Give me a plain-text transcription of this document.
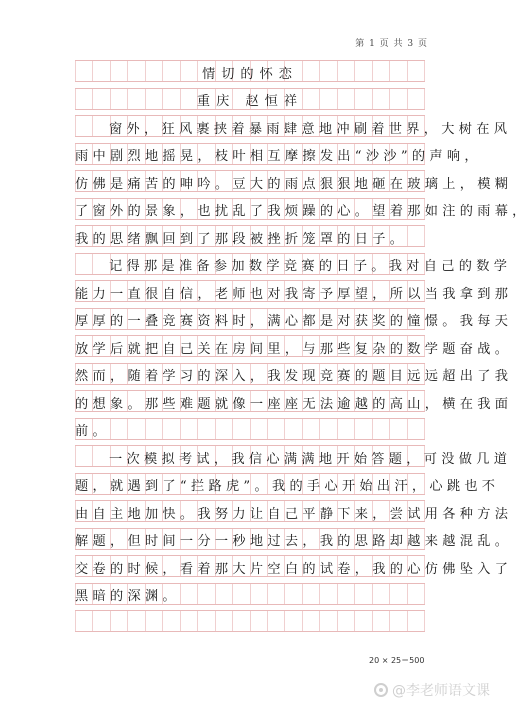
第 1 页 共 3 页
情切的怀恋
重庆 赵恒祥
窗外，狂风裹挟着暴雨肆意地冲刷着世界，大树在风
雨中剧烈地摇晃，枝叶相互摩擦发出“沙沙”的声响，
仿佛是痛苦的呻吟。豆大的雨点狠狠地砸在玻璃上，模糊
了窗外的景象，也扰乱了我烦躁的心。望着那如注的雨幕，
我的思绪飘回到了那段被挫折笼罩的日子。
记得那是准备参加数学竞赛的日子。我对自己的数学
能力一直很自信，老师也对我寄予厚望，所以当我拿到那
厚厚的一叠竞赛资料时，满心都是对获奖的憧憬。我每天
放学后就把自己关在房间里，与那些复杂的数学题奋战。
然而，随着学习的深入，我发现竞赛的题目远远超出了我
的想象。那些难题就像一座座无法逾越的高山，横在我面
前。
一次模拟考试，我信心满满地开始答题，可没做几道
题，就遇到了“拦路虎”。我的手心开始出汗，心跳也不
由自主地加快。我努力让自己平静下来，尝试用各种方法
解题，但时间一分一秒地过去，我的思路却越来越混乱。
交卷的时候，看着那大片空白的试卷，我的心仿佛坠入了
黑暗的深渊。
20 × 25＝500
@李老师语文课
